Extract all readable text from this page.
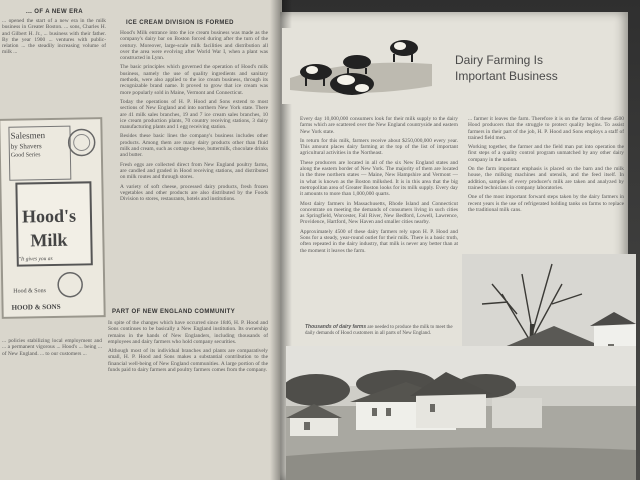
... OF A NEW ERA

... opened the start of a new era in the milk business in Greater Boston. ... sons, Charles H. and Gilbert H. Jr., ... business with their father. By the year 1900 ... ventures with public-relation ... the steadily increasing volume of milk ...

ICE CREAM DIVISION IS FORMED

Hood's Milk entrance into the ice cream business was made as the company's dairy bar on Boston forced during after the turn of the century. Moreover, large-scale milk facilities and distribution all over the area were evolving after World War I, when a plant was constructed in Lynn.

The basic principles which governed the operation of Hood's milk business, namely the use of quality ingredients and sanitary methods, were also applied to the ice cream business, through its recognizable brand name. It proved to grow that ice cream was more popularly sold in Maine, Vermont and Connecticut.

Today the operations of H. P. Hood and Sons extend to most sections of New England and into northern New York state. There are 41 milk sales branches, 19 and 7 ice cream sales branches, 10 ice cream production plants, 70 country receiving stations, 3 dairy manufacturing plants and 1 egg receiving station.

Besides these basic lines the company's business includes other products. Among them are many dairy products other than fluid milk and cream, such as cottage cheese, buttermilk, chocolate drinks and butter.

Fresh eggs are collected direct from New England poultry farms, are candled and graded in Hood receiving stations, and distributed on milk routes and through stores.

A variety of soft cheese, processed dairy products, fresh frozen vegetables and other products are also distributed by the Foods Division to stores, restaurants, hotels and institutions.

PART OF NEW ENGLAND COMMUNITY

In spite of the changes which have occurred since 1846, H. P. Hood and Sons continues to be basically a New England institution. Its ownership remains in the hands of New Englanders, including thousands of employees and dairy farmers who hold company securities.

Although most of its individual branches and plants are comparatively small, H. P. Hood and Sons makes a substantial contribution to the financial well-being of New England communities. A large portion of the funds paid to dairy farmers and poultry farmers comes from the company.

... policies stabilizing local employment and ... a permanent vigorous ... Hood's ... being ... of New England. ... to our customers ...

Salesmen
by Shavers
Good Series
Hood's
Milk
"It gives you as
Hood & Sons
HOOD & SONS
Dairy Farming Is
Important Business

Every day 10,000,000 consumers look for their milk supply to the dairy farms which are scattered over the New England countryside and eastern New York state.

In return for this milk, farmers receive about $250,000,000 every year. This amount places dairy farming at the top of the list of important agricultural activities in the Northeast.

These producers are located in all of the six New England states and along the eastern border of New York. The majority of them are located in the three northern states — Maine, New Hampshire and Vermont — in what is known as the Boston milkshed. It is in this area that the big metropolitan area of Greater Boston looks for its milk supply. Every day it amounts to more than 1,000,000 quarts.

Most dairy farmers in Massachusetts, Rhode Island and Connecticut concentrate on meeting the demands of consumers living in such cities as Springfield, Worcester, Fall River, New Bedford, Lowell, Lawrence, Providence, Hartford, New Haven and smaller cities nearby.

Approximately 4500 of these dairy farmers rely upon H. P. Hood and Sons for a steady, year-round outlet for their milk. There is a basic truth, often repeated in the dairy industry, that milk is never any better than at the moment it leaves the farm.

... farmer it leaves the farm. Therefore it is on the farms of these 4500 Hood producers that the struggle to protect quality begins. To assist farmers in their part of the job, H. P. Hood and Sons employs a staff of trained field men.

Working together, the farmer and the field man put into operation the first steps of a quality control program unmatched by any other dairy company in the nation.

On the farm important emphasis is placed on the barn and the milk house, the milking machines and utensils, and the feed itself. In addition, samples of every producer's milk are taken and analyzed by trained technicians in company laboratories.

One of the most important forward steps taken by the dairy farmers in recent years is the use of refrigerated holding tanks on farms to replace the traditional milk cans.

Thousands of dairy farms are needed to produce the milk to meet the daily demands of Hood customers in all parts of New England.
